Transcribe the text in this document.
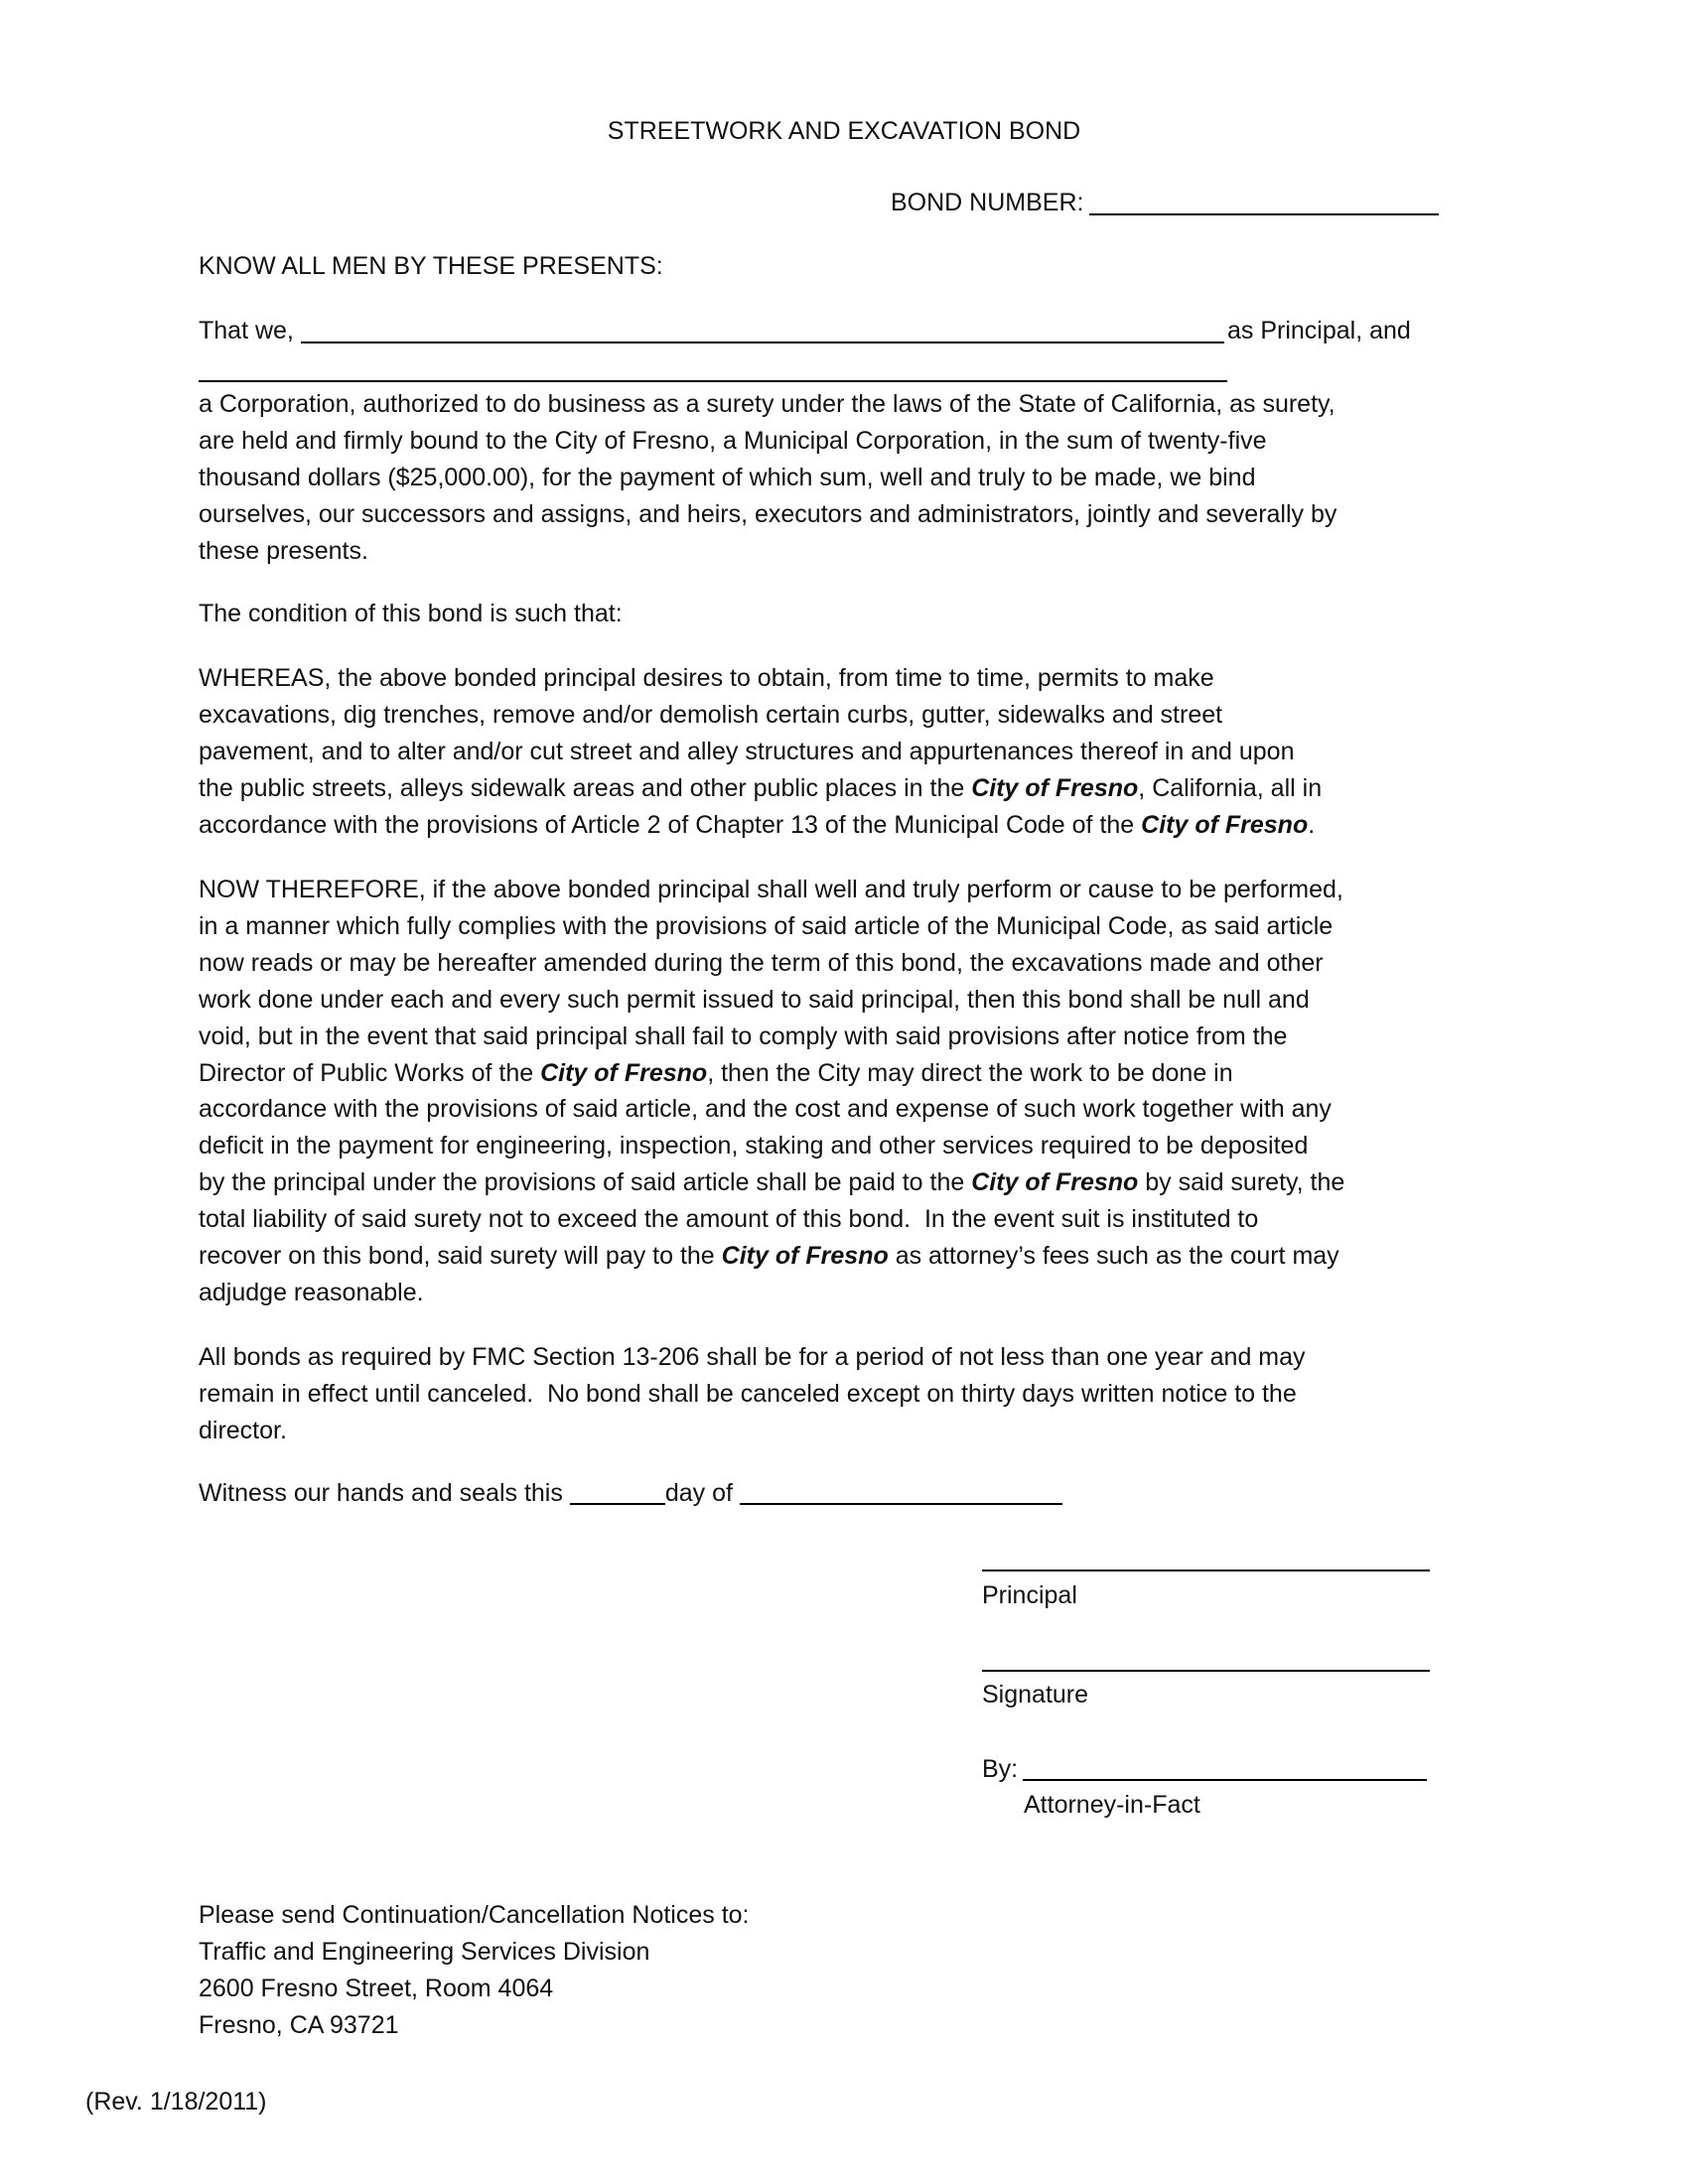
STREETWORK AND EXCAVATION BOND
BOND NUMBER:
KNOW ALL MEN BY THESE PRESENTS:
That we,	as Principal, and
a Corporation, authorized to do business as a surety under the laws of the State of California, as surety,
are held and firmly bound to the City of Fresno, a Municipal Corporation, in the sum of twenty-five
thousand dollars ($25,000.00), for the payment of which sum, well and truly to be made, we bind
ourselves, our successors and assigns, and heirs, executors and administrators, jointly and severally by
these presents.
The condition of this bond is such that:
WHEREAS, the above bonded principal desires to obtain, from time to time, permits to make
excavations, dig trenches, remove and/or demolish certain curbs, gutter, sidewalks and street
pavement, and to alter and/or cut street and alley structures and appurtenances thereof in and upon
the public streets, alleys sidewalk areas and other public places in the City of Fresno, California, all in
accordance with the provisions of Article 2 of Chapter 13 of the Municipal Code of the City of Fresno.
NOW THEREFORE, if the above bonded principal shall well and truly perform or cause to be performed,
in a manner which fully complies with the provisions of said article of the Municipal Code, as said article
now reads or may be hereafter amended during the term of this bond, the excavations made and other
work done under each and every such permit issued to said principal, then this bond shall be null and
void, but in the event that said principal shall fail to comply with said provisions after notice from the
Director of Public Works of the City of Fresno, then the City may direct the work to be done in
accordance with the provisions of said article, and the cost and expense of such work together with any
deficit in the payment for engineering, inspection, staking and other services required to be deposited
by the principal under the provisions of said article shall be paid to the City of Fresno by said surety, the
total liability of said surety not to exceed the amount of this bond.  In the event suit is instituted to
recover on this bond, said surety will pay to the City of Fresno as attorney’s fees such as the court may
adjudge reasonable.
All bonds as required by FMC Section 13-206 shall be for a period of not less than one year and may
remain in effect until canceled.  No bond shall be canceled except on thirty days written notice to the
director.
Witness our hands and seals this	day of
Principal
Signature
By:
Attorney-in-Fact
Please send Continuation/Cancellation Notices to:
Traffic and Engineering Services Division
2600 Fresno Street, Room 4064
Fresno, CA 93721
(Rev. 1/18/2011)
